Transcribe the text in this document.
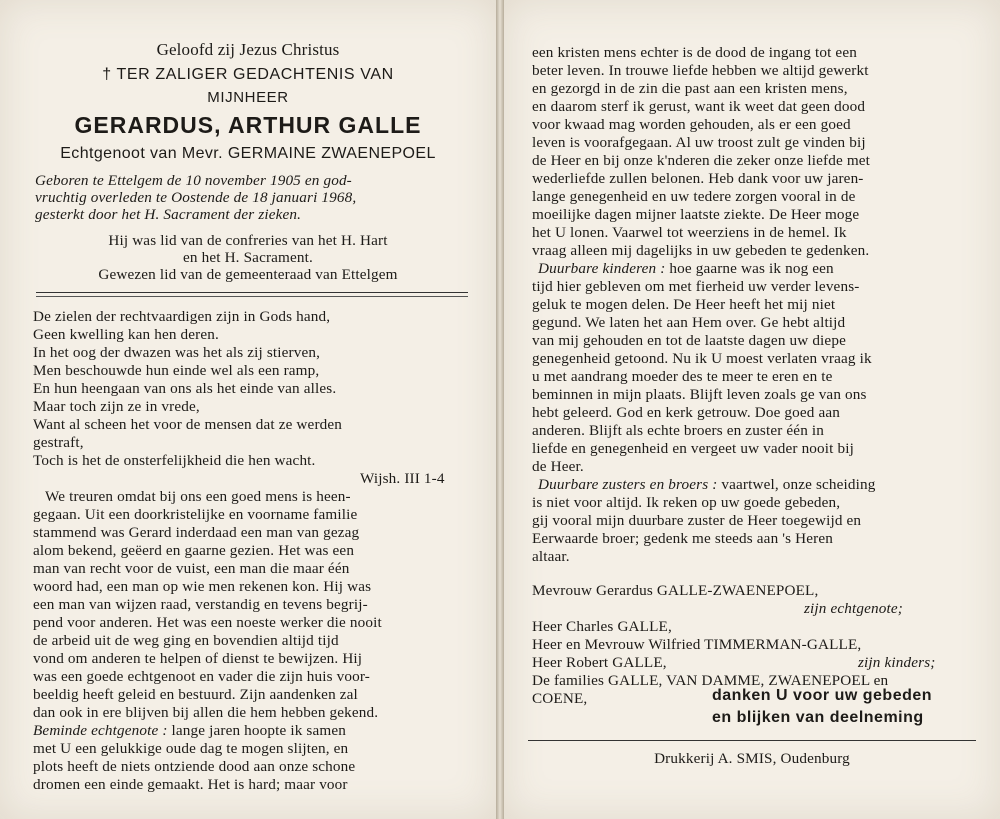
Geloofd zij Jezus Christus
† TER ZALIGER GEDACHTENIS VAN
MIJNHEER
GERARDUS, ARTHUR GALLE
Echtgenoot van Mevr. GERMAINE ZWAENEPOEL
Geboren te Ettelgem de 10 november 1905 en god-
vruchtig overleden te Oostende de 18 januari 1968,
gesterkt door het H. Sacrament der zieken.
Hij was lid van de confreries van het H. Hart
en het H. Sacrament.
Gewezen lid van de gemeenteraad van Ettelgem
De zielen der rechtvaardigen zijn in Gods hand,
Geen kwelling kan hen deren.
In het oog der dwazen was het als zij stierven,
Men beschouwde hun einde wel als een ramp,
En hun heengaan van ons als het einde van alles.
Maar toch zijn ze in vrede,
Want al scheen het voor de mensen dat ze werden
gestraft,
Toch is het de onsterfelijkheid die hen wacht.
Wijsh. III 1-4
We treuren omdat bij ons een goed mens is heen-
gegaan. Uit een doorkristelijke en voorname familie
stammend was Gerard inderdaad een man van gezag
alom bekend, geëerd en gaarne gezien. Het was een
man van recht voor de vuist, een man die maar één
woord had, een man op wie men rekenen kon. Hij was
een man van wijzen raad, verstandig en tevens begrij-
pend voor anderen. Het was een noeste werker die nooit
de arbeid uit de weg ging en bovendien altijd tijd
vond om anderen te helpen of dienst te bewijzen. Hij
was een goede echtgenoot en vader die zijn huis voor-
beeldig heeft geleid en bestuurd. Zijn aandenken zal
dan ook in ere blijven bij allen die hem hebben gekend.
Beminde echtgenote : lange jaren hoopte ik samen
met U een gelukkige oude dag te mogen slijten, en
plots heeft de niets ontziende dood aan onze schone
dromen een einde gemaakt. Het is hard; maar voor
een kristen mens echter is de dood de ingang tot een
beter leven. In trouwe liefde hebben we altijd gewerkt
en gezorgd in de zin die past aan een kristen mens,
en daarom sterf ik gerust, want ik weet dat geen dood
voor kwaad mag worden gehouden, als er een goed
leven is voorafgegaan. Al uw troost zult ge vinden bij
de Heer en bij onze k'nderen die zeker onze liefde met
wederliefde zullen belonen. Heb dank voor uw jaren-
lange genegenheid en uw tedere zorgen vooral in de
moeilijke dagen mijner laatste ziekte. De Heer moge
het U lonen. Vaarwel tot weerziens in de hemel. Ik
vraag alleen mij dagelijks in uw gebeden te gedenken.
Duurbare kinderen : hoe gaarne was ik nog een
tijd hier gebleven om met fierheid uw verder levens-
geluk te mogen delen. De Heer heeft het mij niet
gegund. We laten het aan Hem over. Ge hebt altijd
van mij gehouden en tot de laatste dagen uw diepe
genegenheid getoond. Nu ik U moest verlaten vraag ik
u met aandrang moeder des te meer te eren en te
beminnen in mijn plaats. Blijft leven zoals ge van ons
hebt geleerd. God en kerk getrouw. Doe goed aan
anderen. Blijft als echte broers en zuster één in
liefde en genegenheid en vergeet uw vader nooit bij
de Heer.
Duurbare zusters en broers : vaartwel, onze scheiding
is niet voor altijd. Ik reken op uw goede gebeden,
gij vooral mijn duurbare zuster de Heer toegewijd en
Eerwaarde broer; gedenk me steeds aan 's Heren
altaar.
Mevrouw Gerardus GALLE-ZWAENEPOEL,
zijn echtgenote;
Heer Charles GALLE,
Heer en Mevrouw Wilfried TIMMERMAN-GALLE,
Heer Robert GALLE,	zijn kinders;
De families GALLE, VAN DAMME, ZWAENEPOEL en
COENE,	danken U voor uw gebeden
en blijken van deelneming
Drukkerij A. SMIS, Oudenburg
